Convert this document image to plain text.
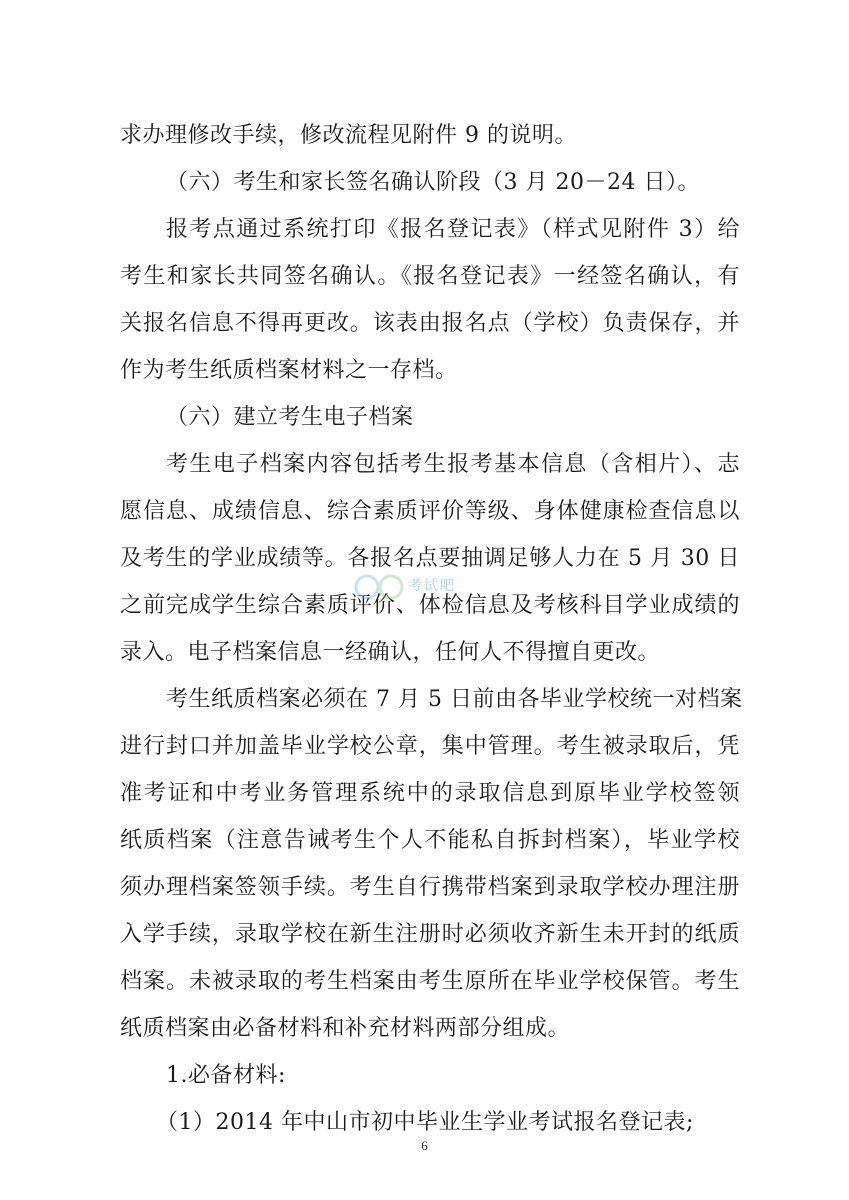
求办理修改手续，修改流程见附件 9 的说明。
（六）考生和家长签名确认阶段（3 月 20－24 日）。
报考点通过系统打印《报名登记表》（样式见附件 3）给
考生和家长共同签名确认。《报名登记表》一经签名确认，有
关报名信息不得再更改。该表由报名点（学校）负责保存，并
作为考生纸质档案材料之一存档。
（六）建立考生电子档案
考生电子档案内容包括考生报考基本信息（含相片）、志
愿信息、成绩信息、综合素质评价等级、身体健康检查信息以
及考生的学业成绩等。各报名点要抽调足够人力在 5 月 30 日
之前完成学生综合素质评价、体检信息及考核科目学业成绩的
录入。电子档案信息一经确认，任何人不得擅自更改。
考生纸质档案必须在 7 月 5 日前由各毕业学校统一对档案
进行封口并加盖毕业学校公章，集中管理。考生被录取后，凭
准考证和中考业务管理系统中的录取信息到原毕业学校签领
纸质档案（注意告诫考生个人不能私自拆封档案），毕业学校
须办理档案签领手续。考生自行携带档案到录取学校办理注册
入学手续，录取学校在新生注册时必须收齐新生未开封的纸质
档案。未被录取的考生档案由考生原所在毕业学校保管。考生
纸质档案由必备材料和补充材料两部分组成。
1.必备材料:
（1）2014 年中山市初中毕业生学业考试报名登记表;
考试吧
6
